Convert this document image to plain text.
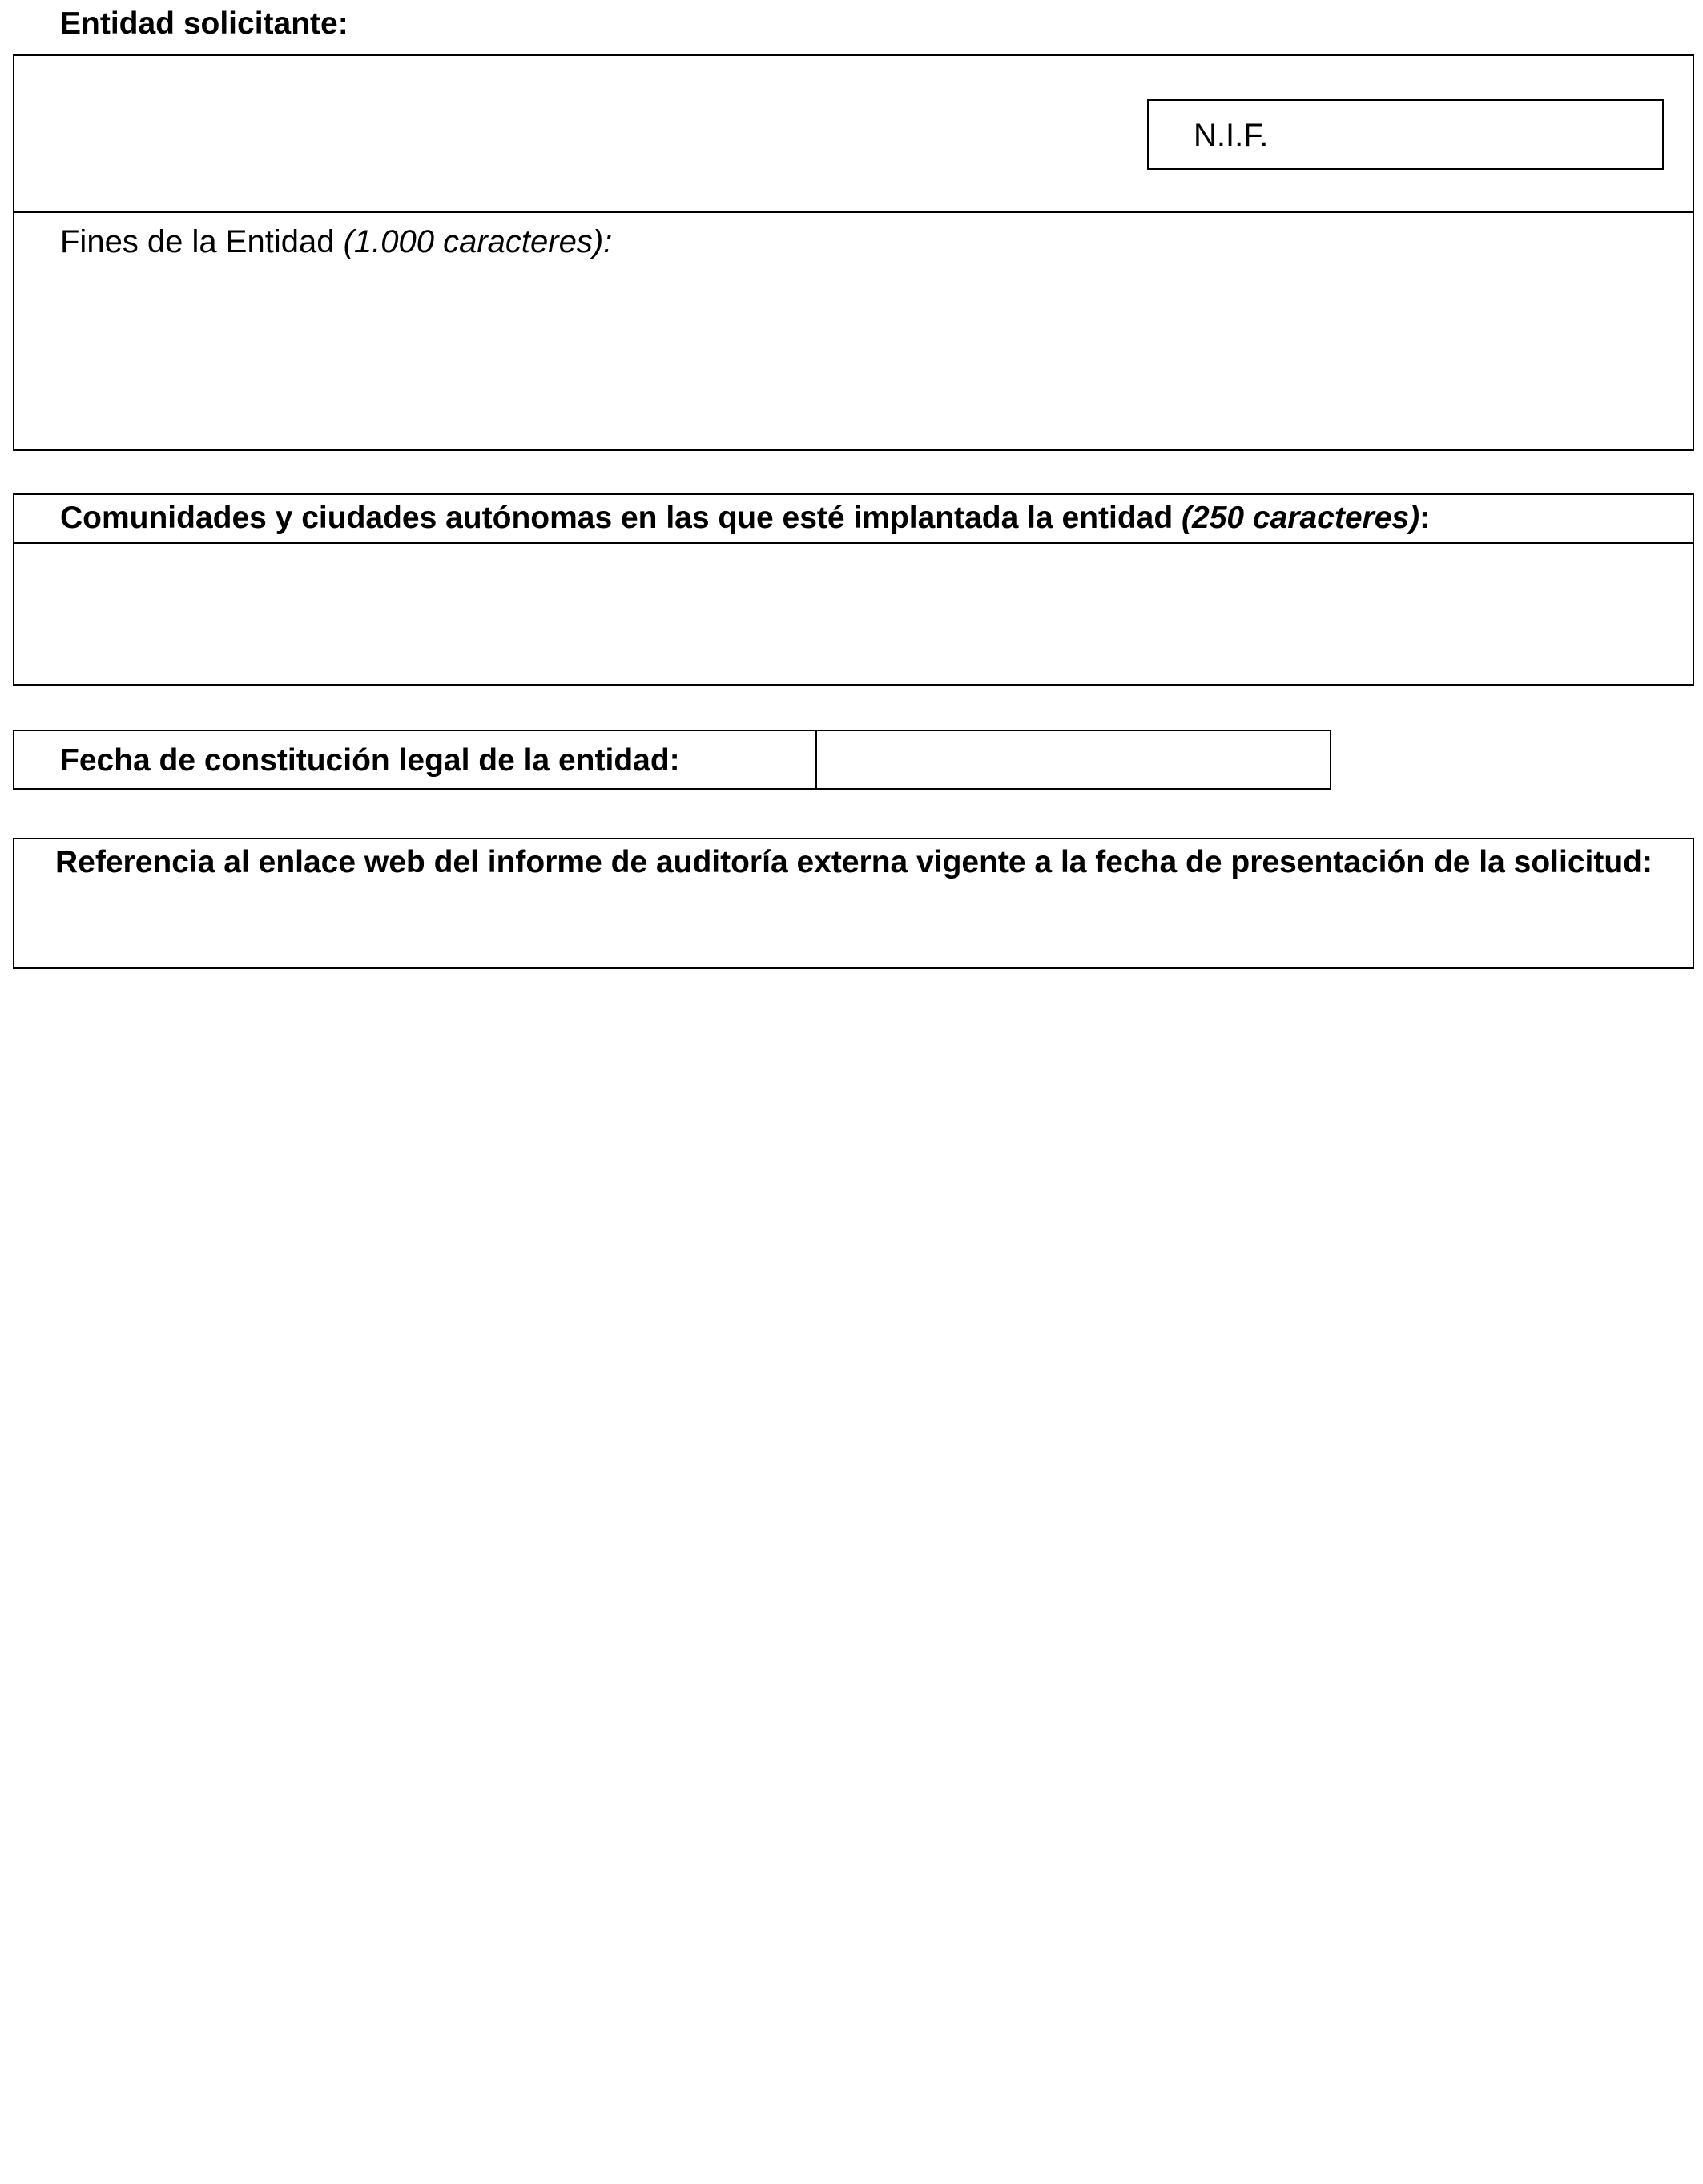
Entidad solicitante:
N.I.F.
Fines de la Entidad (1.000 caracteres):
Comunidades y ciudades autónomas en las que esté implantada la entidad (250 caracteres):
Fecha de constitución legal de la entidad:
Referencia al enlace web del informe de auditoría externa vigente a la fecha de presentación de la solicitud:
